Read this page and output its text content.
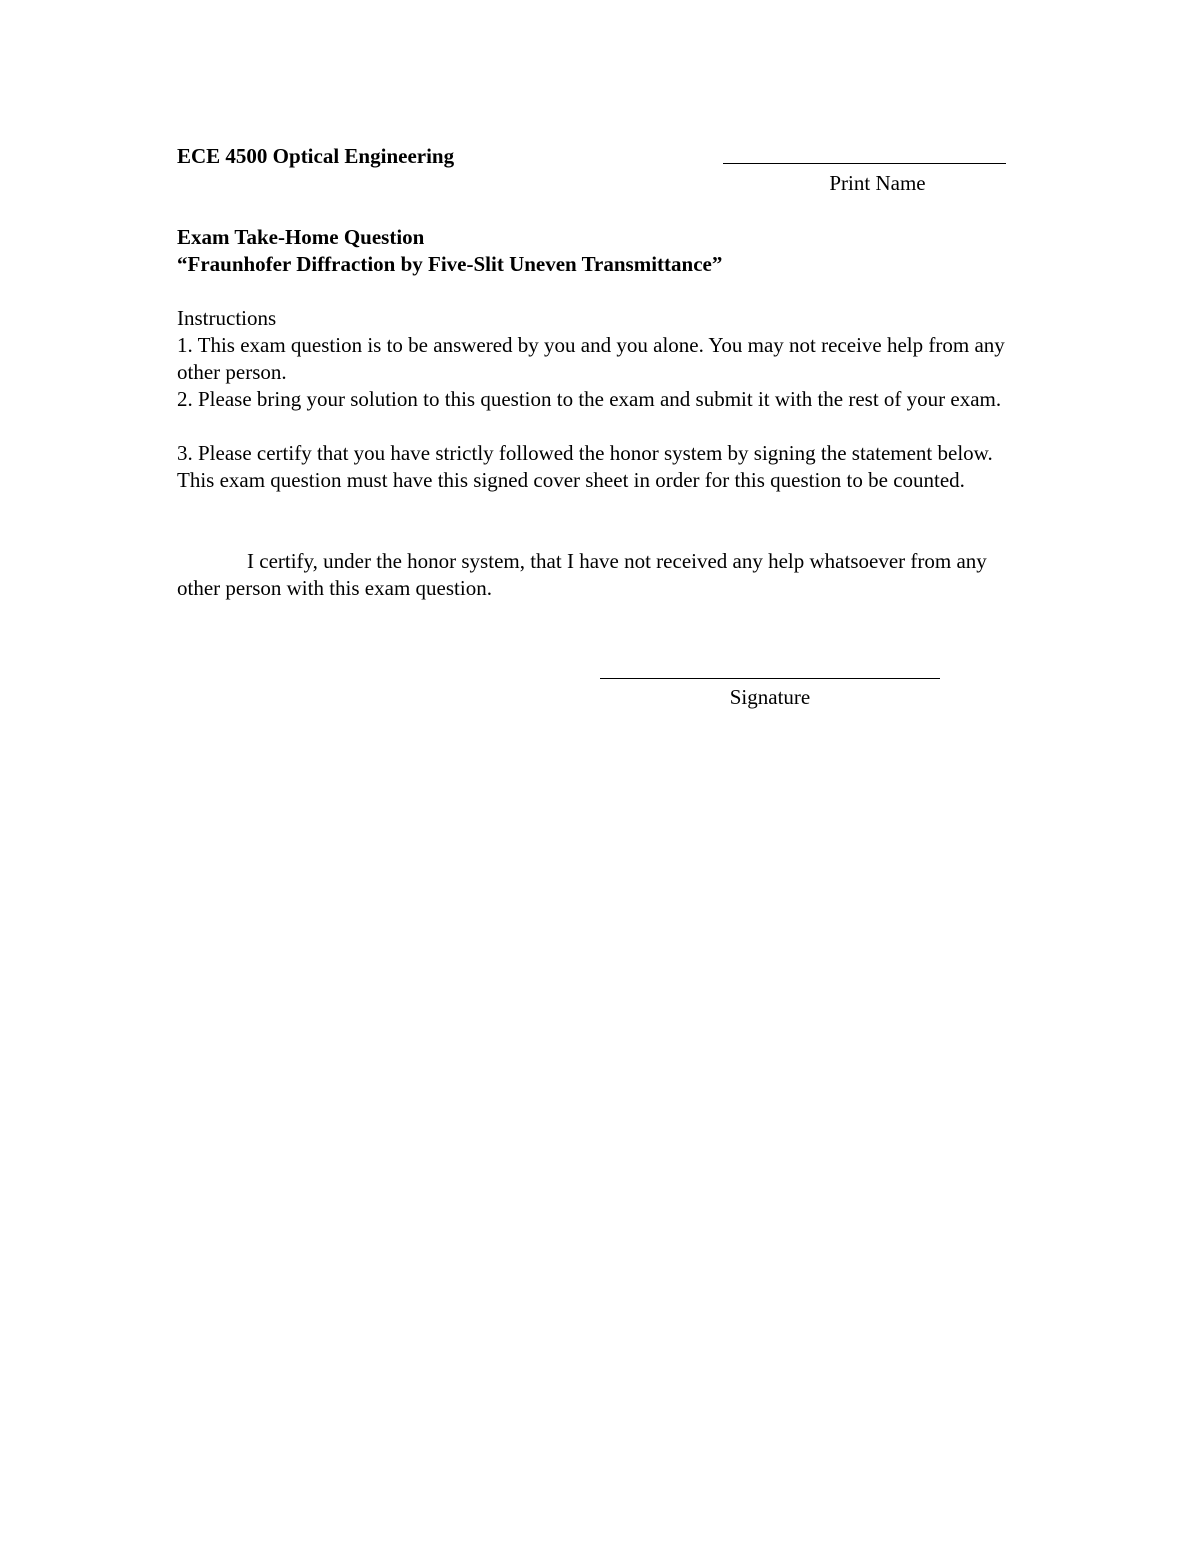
ECE 4500 Optical Engineering
Print Name
Exam Take-Home Question
“Fraunhofer Diffraction by Five-Slit Uneven Transmittance”
Instructions
1. This exam question is to be answered by you and you alone. You may not receive help from any other person.
2. Please bring your solution to this question to the exam and submit it with the rest of your exam.
3. Please certify that you have strictly followed the honor system by signing the statement below. This exam question must have this signed cover sheet in order for this question to be counted.
I certify, under the honor system, that I have not received any help whatsoever from any other person with this exam question.
Signature
